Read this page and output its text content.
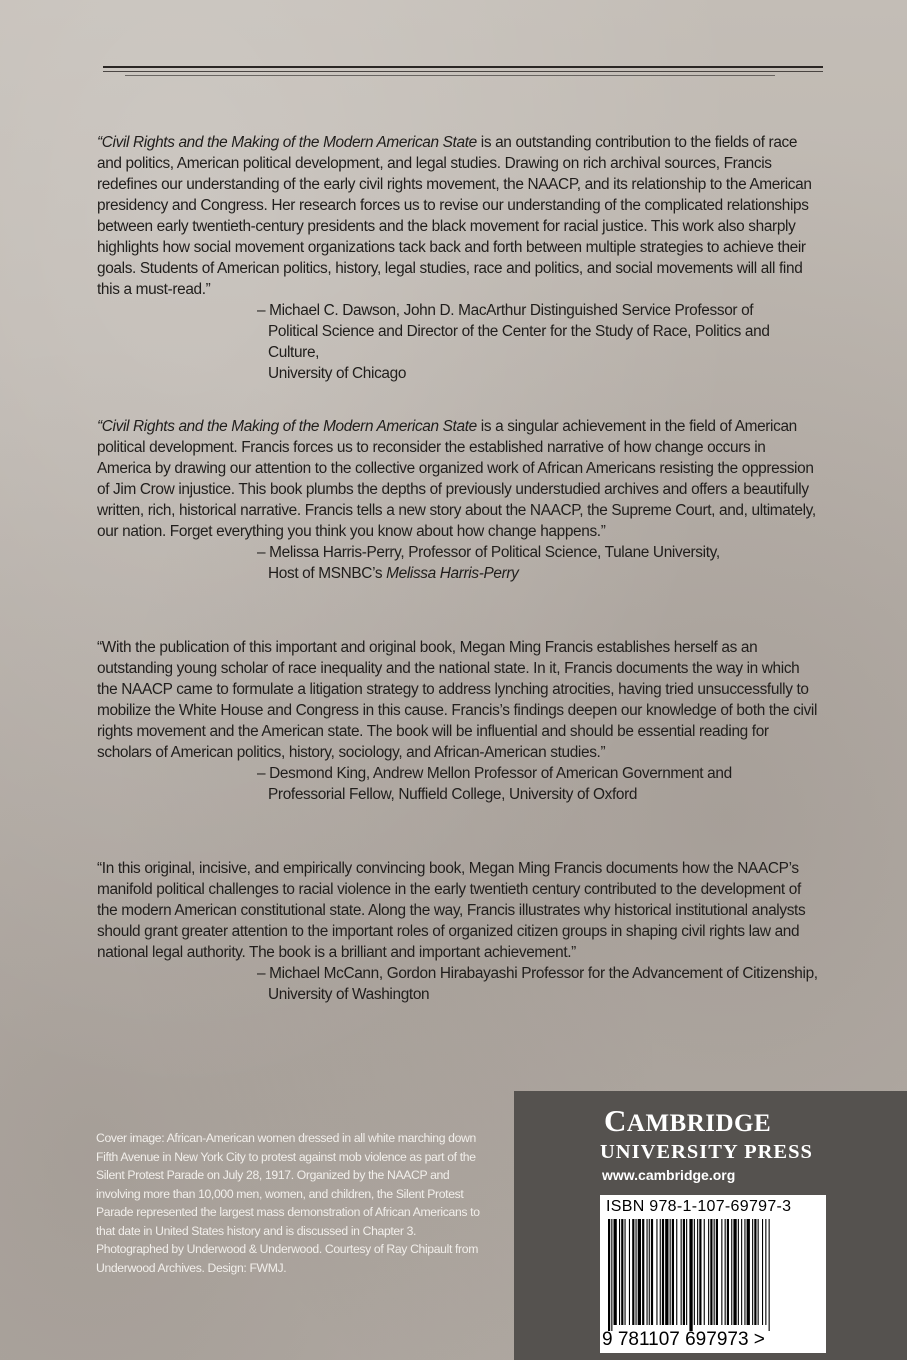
“Civil Rights and the Making of the Modern American State is an outstanding contribution to the fields of race and politics, American political development, and legal studies. Drawing on rich archival sources, Francis redefines our understanding of the early civil rights movement, the NAACP, and its relationship to the American presidency and Congress. Her research forces us to revise our understanding of the complicated relationships between early twentieth-century presidents and the black movement for racial justice. This work also sharply highlights how social movement organizations tack back and forth between multiple strategies to achieve their goals. Students of American politics, history, legal studies, race and politics, and social movements will all find this a must-read.”

– Michael C. Dawson, John D. MacArthur Distinguished Service Professor of

Political Science and Director of the Center for the Study of Race, Politics and Culture,

University of Chicago

“Civil Rights and the Making of the Modern American State is a singular achievement in the field of American political development. Francis forces us to reconsider the established narrative of how change occurs in America by drawing our attention to the collective organized work of African Americans resisting the oppression of Jim Crow injustice. This book plumbs the depths of previously understudied archives and offers a beautifully written, rich, historical narrative. Francis tells a new story about the NAACP, the Supreme Court, and, ultimately, our nation. Forget everything you think you know about how change happens.”

– Melissa Harris-Perry, Professor of Political Science, Tulane University,

Host of MSNBC’s Melissa Harris-Perry

“With the publication of this important and original book, Megan Ming Francis establishes herself as an outstanding young scholar of race inequality and the national state. In it, Francis documents the way in which the NAACP came to formulate a litigation strategy to address lynching atrocities, having tried unsuccessfully to mobilize the White House and Congress in this cause. Francis’s findings deepen our knowledge of both the civil rights movement and the American state. The book will be influential and should be essential reading for scholars of American politics, history, sociology, and African-American studies.”

– Desmond King, Andrew Mellon Professor of American Government and

Professorial Fellow, Nuffield College, University of Oxford

“In this original, incisive, and empirically convincing book, Megan Ming Francis documents how the NAACP’s manifold political challenges to racial violence in the early twentieth century contributed to the development of the modern American constitutional state. Along the way, Francis illustrates why historical institutional analysts should grant greater attention to the important roles of organized citizen groups in shaping civil rights law and national legal authority. The book is a brilliant and important achievement.”

– Michael McCann, Gordon Hirabayashi Professor for the Advancement of Citizenship,

University of Washington

Cover image: African-American women dressed in all white marching down Fifth Avenue in New York City to protest against mob violence as part of the Silent Protest Parade on July 28, 1917. Organized by the NAACP and involving more than 10,000 men, women, and children, the Silent Protest Parade represented the largest mass demonstration of African Americans to that date in United States history and is discussed in Chapter 3. Photographed by Underwood & Underwood. Courtesy of Ray Chipault from Underwood Archives. Design: FWMJ.
CAMBRIDGE
UNIVERSITY PRESS
www.cambridge.org
ISBN 978-1-107-69797-3
9 781107 697973 >
